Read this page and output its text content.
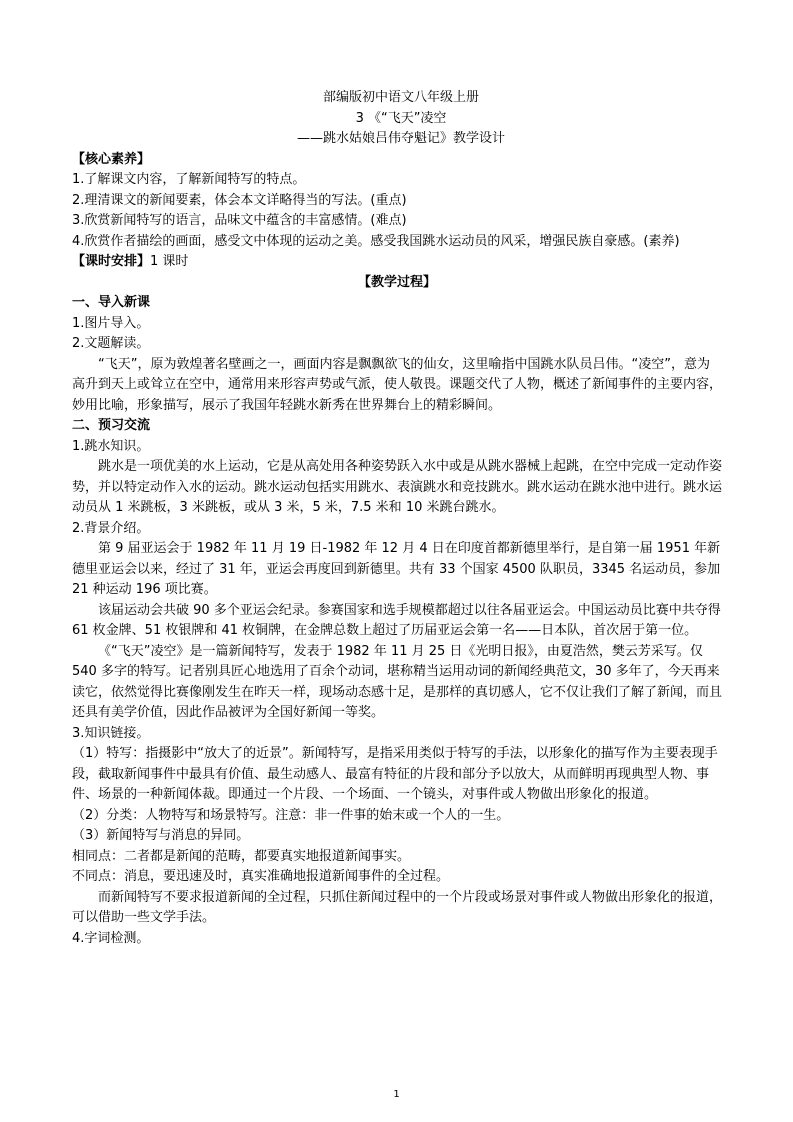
部编版初中语文八年级上册
3 《“飞天”凌空
——跳水姑娘吕伟夺魁记》教学设计
【核心素养】
1.了解课文内容，了解新闻特写的特点。
2.理清课文的新闻要素，体会本文详略得当的写法。(重点)
3.欣赏新闻特写的语言，品味文中蕴含的丰富感情。(难点)
4.欣赏作者描绘的画面，感受文中体现的运动之美。感受我国跳水运动员的风采，增强民族自豪感。(素养)
【课时安排】1 课时
【教学过程】
一、导入新课
1.图片导入。
2.文题解读。
“飞天”，原为敦煌著名壁画之一，画面内容是飘飘欲飞的仙女，这里喻指中国跳水队员吕伟。“凌空”，意为高升到天上或耸立在空中，通常用来形容声势或气派，使人敬畏。课题交代了人物，概述了新闻事件的主要内容，妙用比喻，形象描写，展示了我国年轻跳水新秀在世界舞台上的精彩瞬间。
二、预习交流
1.跳水知识。
跳水是一项优美的水上运动，它是从高处用各种姿势跃入水中或是从跳水器械上起跳，在空中完成一定动作姿势，并以特定动作入水的运动。跳水运动包括实用跳水、表演跳水和竞技跳水。跳水运动在跳水池中进行。跳水运动员从 1 米跳板，3 米跳板，或从 3 米，5 米，7.5 米和 10 米跳台跳水。
2.背景介绍。
第 9 届亚运会于 1982 年 11 月 19 日-1982 年 12 月 4 日在印度首都新德里举行，是自第一届 1951 年新德里亚运会以来，经过了 31 年，亚运会再度回到新德里。共有 33 个国家 4500 队职员，3345 名运动员，参加 21 种运动 196 项比赛。
该届运动会共破 90 多个亚运会纪录。参赛国家和选手规模都超过以往各届亚运会。中国运动员比赛中共夺得 61 枚金牌、51 枚银牌和 41 枚铜牌，在金牌总数上超过了历届亚运会第一名——日本队，首次居于第一位。
《“飞天”凌空》是一篇新闻特写，发表于 1982 年 11 月 25 日《光明日报》，由夏浩然，樊云芳采写。仅 540 多字的特写。记者别具匠心地选用了百余个动词，堪称精当运用动词的新闻经典范文，30 多年了，今天再来读它，依然觉得比赛像刚发生在昨天一样，现场动态感十足，是那样的真切感人，它不仅让我们了解了新闻，而且还具有美学价值，因此作品被评为全国好新闻一等奖。
3.知识链接。
（1）特写：指摄影中“放大了的近景”。新闻特写，是指采用类似于特写的手法，以形象化的描写作为主要表现手段，截取新闻事件中最具有价值、最生动感人、最富有特征的片段和部分予以放大，从而鲜明再现典型人物、事件、场景的一种新闻体裁。即通过一个片段、一个场面、一个镜头，对事件或人物做出形象化的报道。
（2）分类：人物特写和场景特写。注意：非一件事的始末或一个人的一生。
（3）新闻特写与消息的异同。
相同点：二者都是新闻的范畴，都要真实地报道新闻事实。
不同点：消息，要迅速及时，真实准确地报道新闻事件的全过程。
而新闻特写不要求报道新闻的全过程，只抓住新闻过程中的一个片段或场景对事件或人物做出形象化的报道，可以借助一些文学手法。
4.字词检测。
1
